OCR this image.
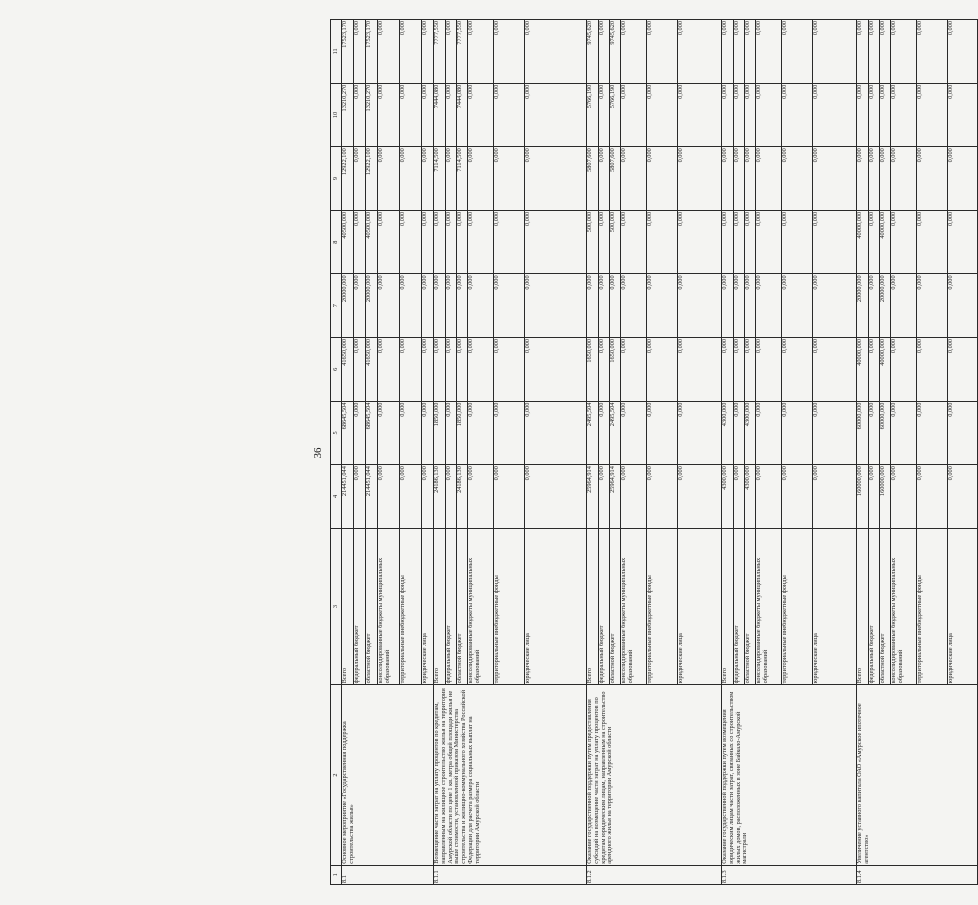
36
1	2	3	4	5	6	7	8	9	10	11
8.1	Основное мероприятие «Государственная поддержка строительства жилья»	Всего	214451,044	68645,504	41650,000	20000,000	40500,000	12922,100	13210,270	17523,170
		федеральный бюджет	0,000	0,000	0,000	0,000	0,000	0,000	0,000	0,000
		областной бюджет	214451,044	68645,504	41650,000	20000,000	40500,000	12922,100	13210,270	17523,170
		консолидированные бюджеты муниципальных образований	0,000	0,000	0,000	0,000	0,000	0,000	0,000	0,000
		территориальные внебюджетные фонды	0,000	0,000	0,000	0,000	0,000	0,000	0,000	0,000
		юридические лица	0,000	0,000	0,000	0,000	0,000	0,000	0,000	0,000
8.1.1	Возмещение части затрат на уплату процентов по кредитам, направленным на жилищное строительство жилья на территории Амурской области по цене 1 кв. метра общей площади жилья не выше стоимости, установленной приказом Министерства строительства и жилищно-коммунального хозяйства Российской Федерации для расчета размера социальных выплат на территории Амурской области	Всего	24186,130	1850,000	0,000	0,000	0,000	7114,500	7444,080	7777,550
		федеральный бюджет	0,000	0,000	0,000	0,000	0,000	0,000	0,000	0,000
		областной бюджет	24186,130	1850,000	0,000	0,000	0,000	7114,500	7444,080	7777,550
		консолидированные бюджеты муниципальных образований	0,000	0,000	0,000	0,000	0,000	0,000	0,000	0,000
		территориальные внебюджетные фонды	0,000	0,000	0,000	0,000	0,000	0,000	0,000	0,000
		юридические лица	0,000	0,000	0,000	0,000	0,000	0,000	0,000	0,000
8.1.2	Оказание государственной поддержки путем предоставления субсидий на возмещение части затрат на уплату процентов по кредитам юридическим лицам, направленным на строительство арендного жилья на территории Амурской области	Всего	25964,914	2495,504	1650,000	0,000	500,000	5807,600	5766,190	9745,620
		федеральный бюджет	0,000	0,000	0,000	0,000	0,000	0,000	0,000	0,000
		областной бюджет	25964,914	2495,504	1650,000	0,000	500,000	5807,600	5766,190	9745,620
		консолидированные бюджеты муниципальных образований	0,000	0,000	0,000	0,000	0,000	0,000	0,000	0,000
		территориальные внебюджетные фонды	0,000	0,000	0,000	0,000	0,000	0,000	0,000	0,000
		юридические лица	0,000	0,000	0,000	0,000	0,000	0,000	0,000	0,000
8.1.3	Оказание государственной поддержки путем возмещения юридическим лицам части затрат, связанных со строительством жилых домов, расположенных в зоне Байкало-Амурской магистрали	Всего	4300,000	4300,000	0,000	0,000	0,000	0,000	0,000	0,000
		федеральный бюджет	0,000	0,000	0,000	0,000	0,000	0,000	0,000	0,000
		областной бюджет	4300,000	4300,000	0,000	0,000	0,000	0,000	0,000	0,000
		консолидированные бюджеты муниципальных образований	0,000	0,000	0,000	0,000	0,000	0,000	0,000	0,000
		территориальные внебюджетные фонды	0,000	0,000	0,000	0,000	0,000	0,000	0,000	0,000
		юридические лица	0,000	0,000	0,000	0,000	0,000	0,000	0,000	0,000
8.1.4	Увеличение уставного капитала ОАО «Амурское ипотечное агентство»	Всего	160000,000	60000,000	40000,000	20000,000	40000,000	0,000	0,000	0,000
		федеральный бюджет	0,000	0,000	0,000	0,000	0,000	0,000	0,000	0,000
		областной бюджет	160000,000	60000,000	40000,000	20000,000	40000,000	0,000	0,000	0,000
		консолидированные бюджеты муниципальных образований	0,000	0,000	0,000	0,000	0,000	0,000	0,000	0,000
		территориальные внебюджетные фонды	0,000	0,000	0,000	0,000	0,000	0,000	0,000	0,000
		юридические лица	0,000	0,000	0,000	0,000	0,000	0,000	0,000	0,000
